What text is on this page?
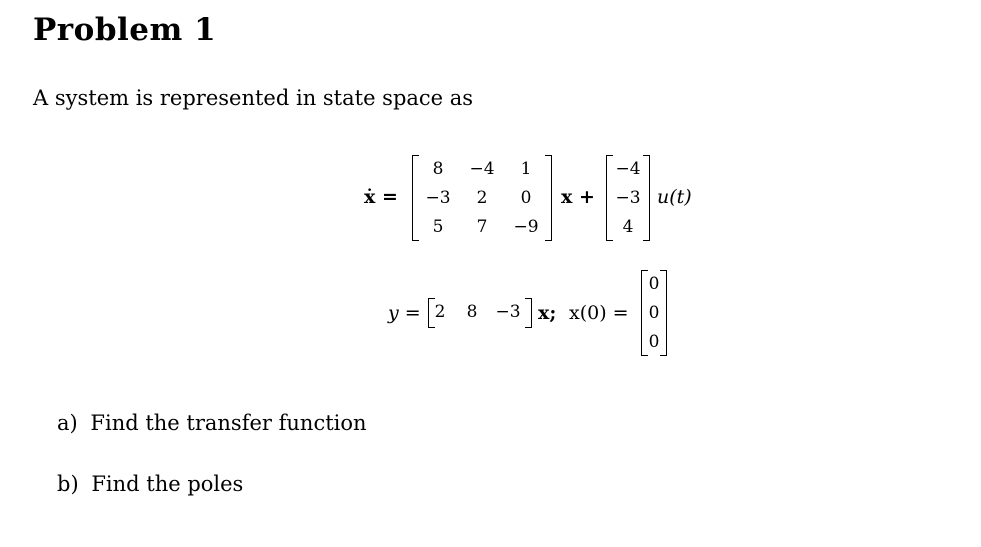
Problem 1
A system is represented in state space as
ẋ =
8	−4	1
−3	2	0
5	7	−9
x +
−4
−3
4
u(t)
y = 2	8	−3 x; x(0) =
0
0
0
a) Find the transfer function
b) Find the poles
